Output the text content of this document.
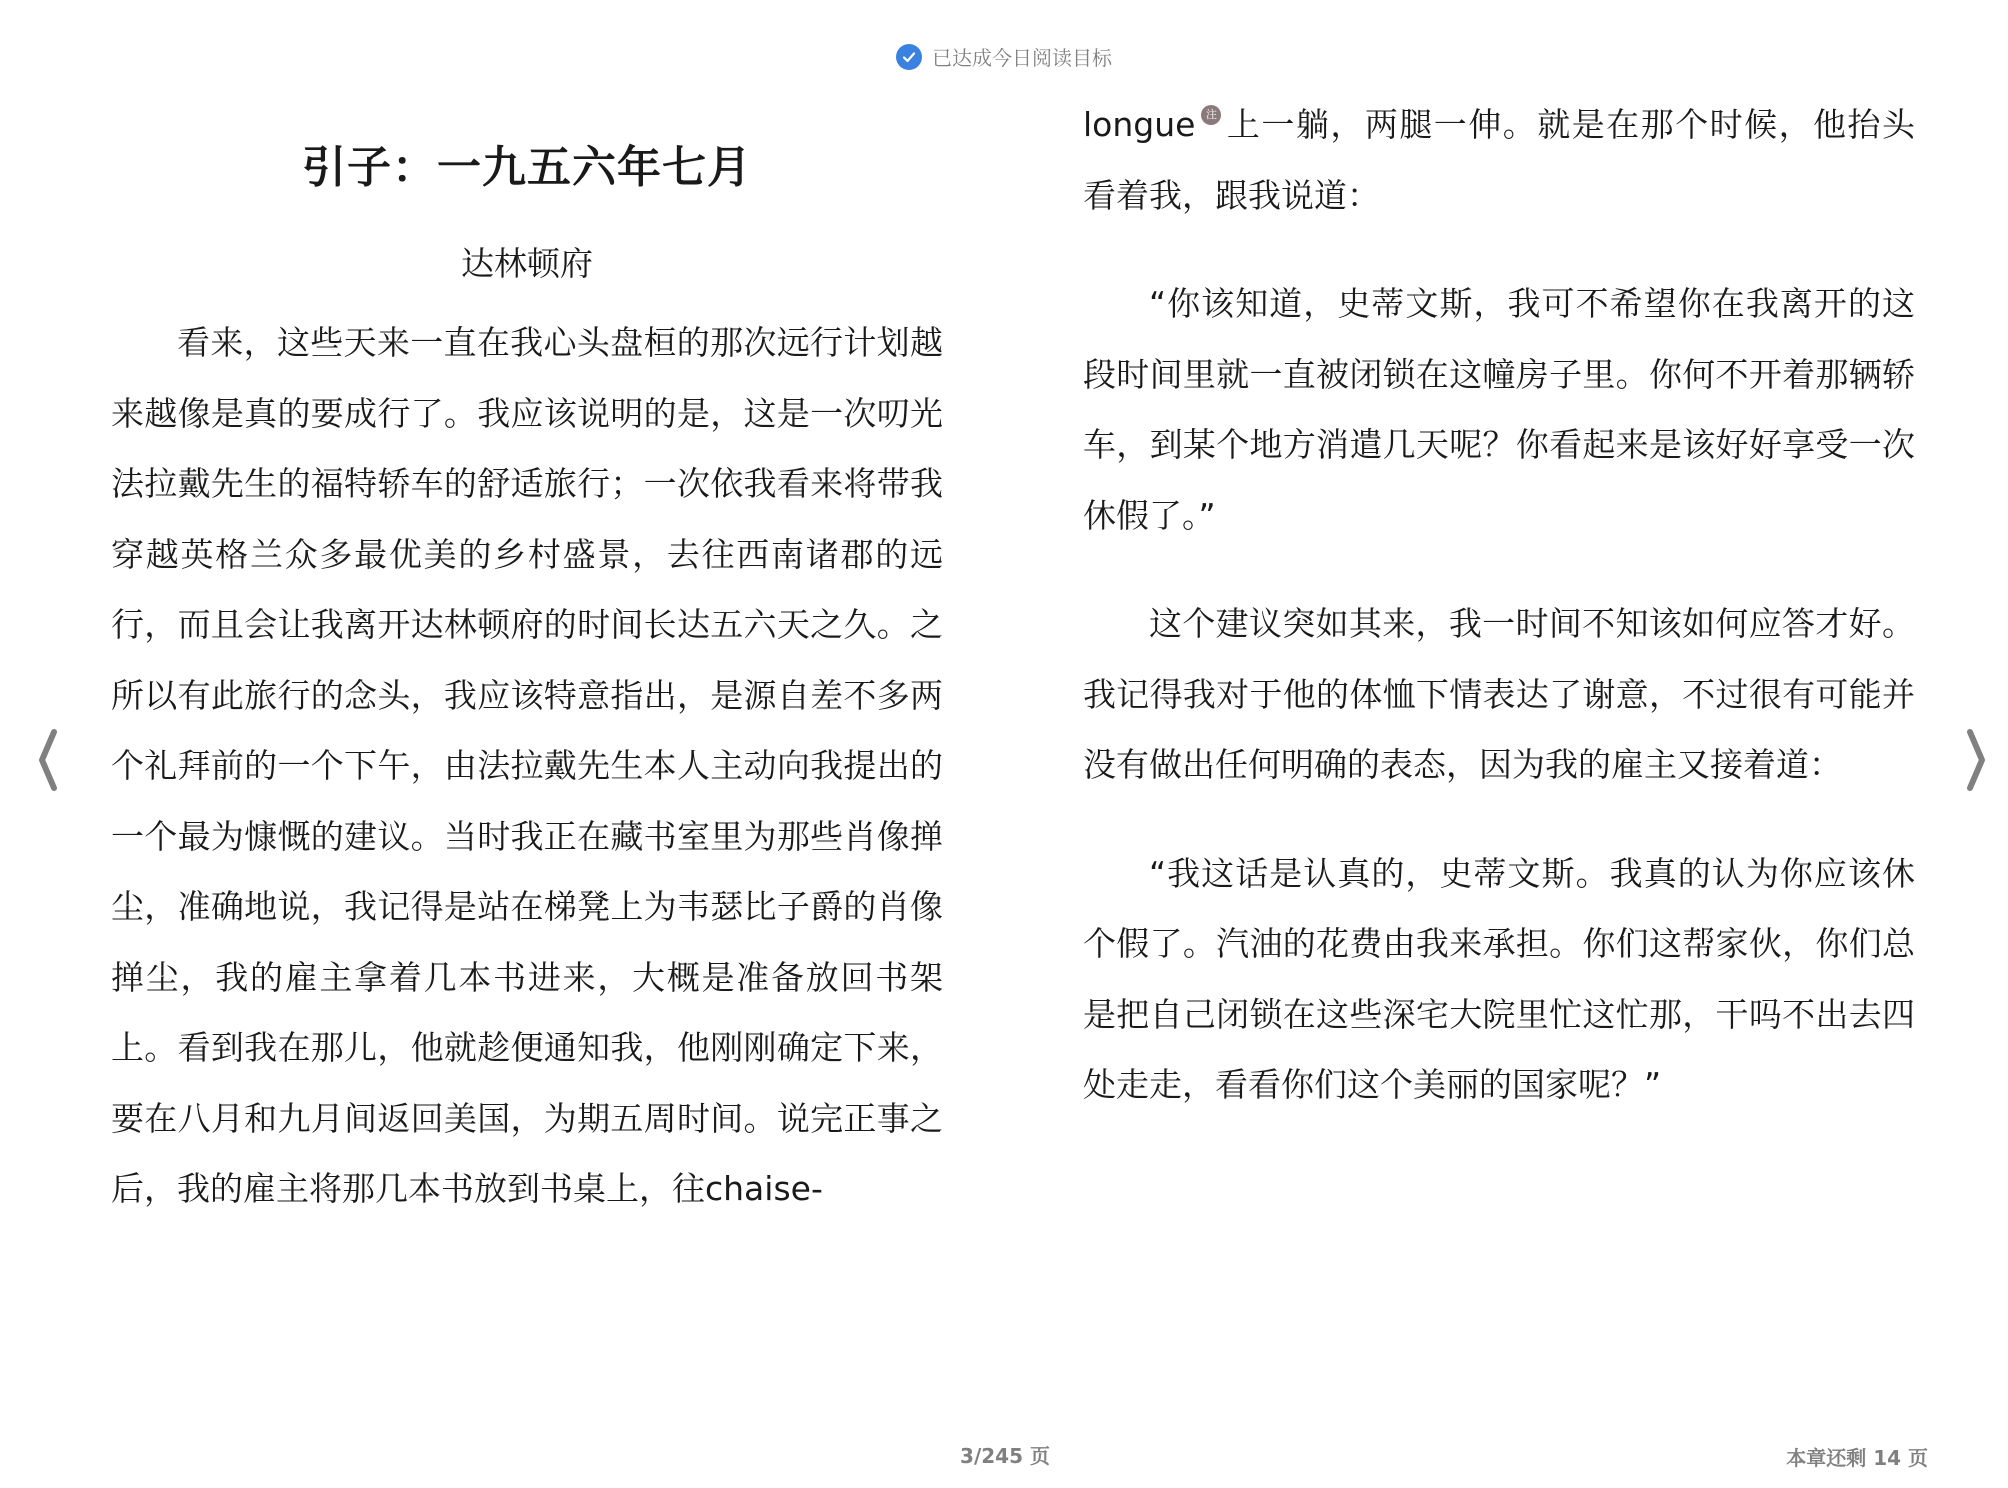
已达成今日阅读目标
引子：一九五六年七月
达林顿府

看来，这些天来一直在我心头盘桓的那次远行计划越来越像是真的要成行了。我应该说明的是，这是一次叨光法拉戴先生的福特轿车的舒适旅行；一次依我看来将带我穿越英格兰众多最优美的乡村盛景，去往西南诸郡的远行，而且会让我离开达林顿府的时间长达五六天之久。之所以有此旅行的念头，我应该特意指出，是源自差不多两个礼拜前的一个下午，由法拉戴先生本人主动向我提出的一个最为慷慨的建议。当时我正在藏书室里为那些肖像掸尘，准确地说，我记得是站在梯凳上为韦瑟比子爵的肖像掸尘，我的雇主拿着几本书进来，大概是准备放回书架上。看到我在那儿，他就趁便通知我，他刚刚确定下来，要在八月和九月间返回美国，为期五周时间。说完正事之后，我的雇主将那几本书放到书桌上，往chaise-

longue 注 上一躺，两腿一伸。就是在那个时候，他抬头看着我，跟我说道：

“你该知道，史蒂文斯，我可不希望你在我离开的这段时间里就一直被闭锁在这幢房子里。你何不开着那辆轿车，到某个地方消遣几天呢？你看起来是该好好享受一次休假了。”

这个建议突如其来，我一时间不知该如何应答才好。我记得我对于他的体恤下情表达了谢意，不过很有可能并没有做出任何明确的表态，因为我的雇主又接着道：

“我这话是认真的，史蒂文斯。我真的认为你应该休个假了。汽油的花费由我来承担。你们这帮家伙，你们总是把自己闭锁在这些深宅大院里忙这忙那，干吗不出去四处走走，看看你们这个美丽的国家呢？”

3/245 页	本章还剩 14 页
